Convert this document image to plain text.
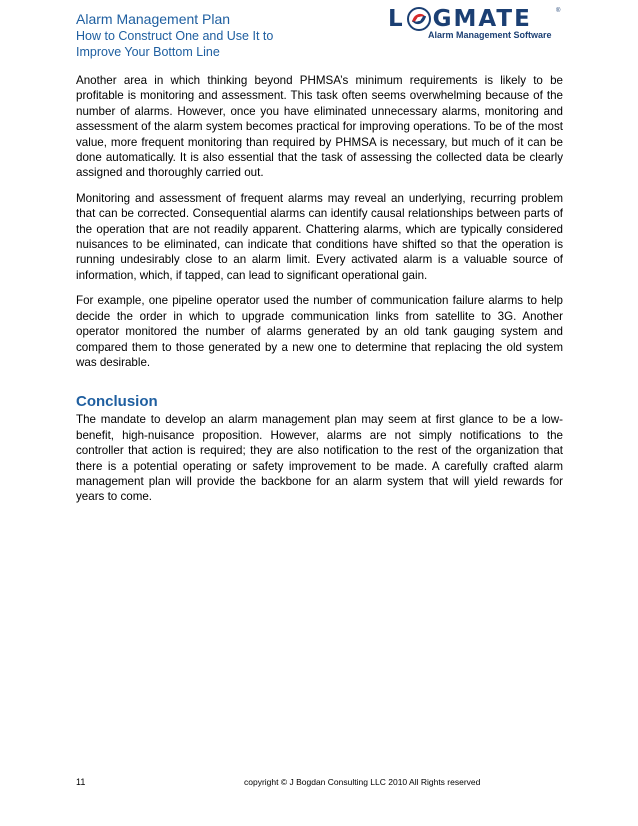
Alarm Management Plan

How to Construct One and Use It to

Improve Your Bottom Line

L GMATE	®
Alarm Management Software

Another area in which thinking beyond PHMSA’s minimum requirements is likely to be profitable is monitoring and assessment. This task often seems overwhelming because of the number of alarms. However, once you have eliminated unnecessary alarms, monitoring and assessment of the alarm system becomes practical for improving operations. To be of the most value, more frequent monitoring than required by PHMSA is necessary, but much of it can be done automatically. It is also essential that the task of assessing the collected data be clearly assigned and thoroughly carried out.

Monitoring and assessment of frequent alarms may reveal an underlying, recurring problem that can be corrected. Consequential alarms can identify causal relationships between parts of the operation that are not readily apparent. Chattering alarms, which are typically considered nuisances to be eliminated, can indicate that conditions have shifted so that the operation is running undesirably close to an alarm limit. Every activated alarm is a valuable source of information, which, if tapped, can lead to significant operational gain.

For example, one pipeline operator used the number of communication failure alarms to help decide the order in which to upgrade communication links from satellite to 3G. Another operator monitored the number of alarms generated by an old tank gauging system and compared them to those generated by a new one to determine that replacing the old system was desirable.

Conclusion

The mandate to develop an alarm management plan may seem at first glance to be a low-benefit, high-nuisance proposition. However, alarms are not simply notifications to the controller that action is required; they are also notification to the rest of the organization that there is a potential operating or safety improvement to be made. A carefully crafted alarm management plan will provide the backbone for an alarm system that will yield rewards for years to come.

11	copyright © J Bogdan Consulting LLC 2010 All Rights reserved
